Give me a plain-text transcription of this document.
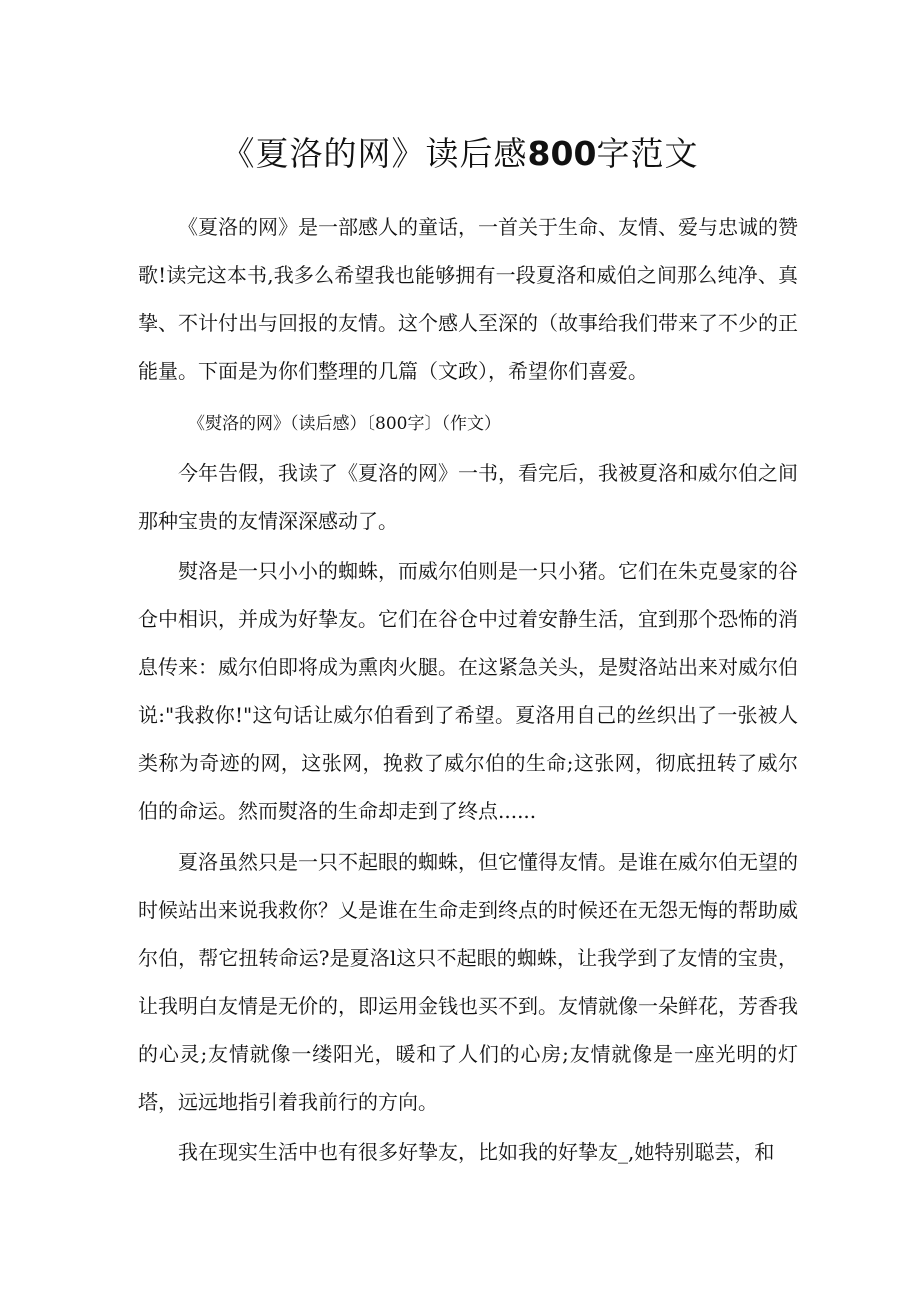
《夏洛的网》读后感800字范文

《夏洛的网》是一部感人的童话，一首关于生命、友情、爱与忠诚的赞歌!读完这本书,我多么希望我也能够拥有一段夏洛和威伯之间那么纯净、真挚、不计付出与回报的友情。这个感人至深的（故事给我们带来了不少的正能量。下面是为你们整理的几篇（文政），希望你们喜爱。

《熨洛的网》（读后感）〔800字〕（作文）

今年告假，我读了《夏洛的网》一书，看完后，我被夏洛和威尔伯之间那种宝贵的友情深深感动了。

熨洛是一只小小的蜘蛛，而威尔伯则是一只小猪。它们在朱克曼家的谷仓中相识，并成为好挚友。它们在谷仓中过着安静生活，宜到那个恐怖的消息传来：威尔伯即将成为熏肉火腿。在这紧急关头，是熨洛站出来对威尔伯说:"我救你!"这句话让威尔伯看到了希望。夏洛用自己的丝织出了一张被人类称为奇迹的网，这张网，挽救了威尔伯的生命;这张网，彻底扭转了威尔伯的命运。然而熨洛的生命却走到了终点......

夏洛虽然只是一只不起眼的蜘蛛，但它懂得友情。是谁在威尔伯无望的时候站出来说我救你？乂是谁在生命走到终点的时候还在无怨无悔的帮助威尔伯，帮它扭转命运?是夏洛l这只不起眼的蜘蛛，让我学到了友情的宝贵，让我明白友情是无价的，即运用金钱也买不到。友情就像一朵鲜花，芳香我的心灵;友情就像一缕阳光，暖和了人们的心房;友情就像是一座光明的灯塔，远远地指引着我前行的方向。

我在现实生活中也有很多好挚友，比如我的好挚友_,她特别聪芸，和
